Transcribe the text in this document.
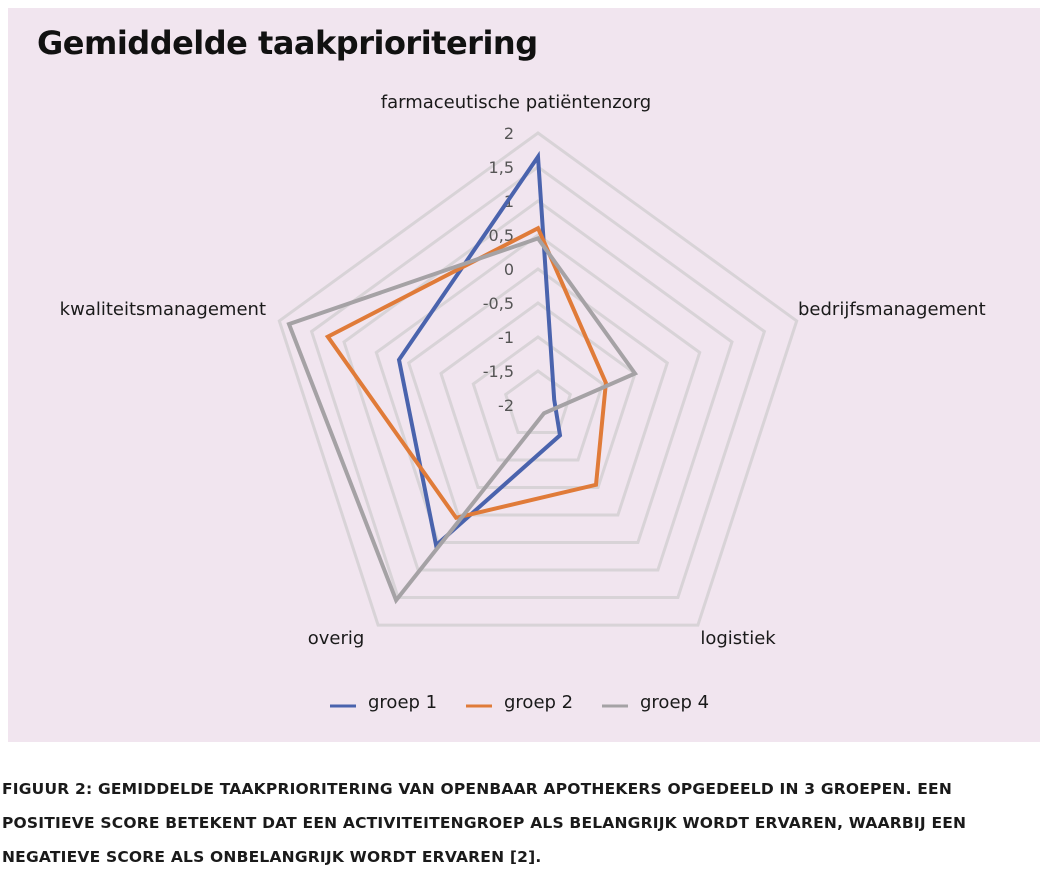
Gemiddelde taakprioritering
2
1,5
1
0,5
0
-0,5
-1
-1,5
-2
farmaceutische patiëntenzorg
bedrijfsmanagement
logistiek
overig
kwaliteitsmanagement
groep 1	groep 2	groep 4

FIGUUR 2: GEMIDDELDE TAAKPRIORITERING VAN OPENBAAR APOTHEKERS OPGEDEELD IN 3 GROEPEN. EEN POSITIEVE SCORE BETEKENT DAT EEN ACTIVITEITENGROEP ALS BELANGRIJK WORDT ERVAREN, WAARBIJ EEN NEGATIEVE SCORE ALS ONBELANGRIJK WORDT ERVAREN [2].
